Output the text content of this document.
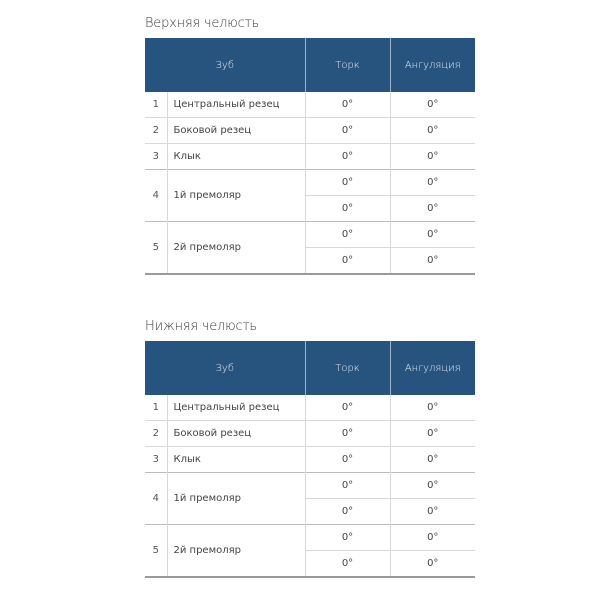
Верхняя челюсть
Зуб		Торк	Ангуляция
1	Центральный резец	0°	0°
2	Боковой резец	0°	0°
3	Клык	0°	0°
4	1й премоляр	0°	0°
		0°	0°
5	2й премоляр	0°	0°
		0°	0°
Нижняя челюсть
Зуб		Торк	Ангуляция
1	Центральный резец	0°	0°
2	Боковой резец	0°	0°
3	Клык	0°	0°
4	1й премоляр	0°	0°
		0°	0°
5	2й премоляр	0°	0°
		0°	0°
